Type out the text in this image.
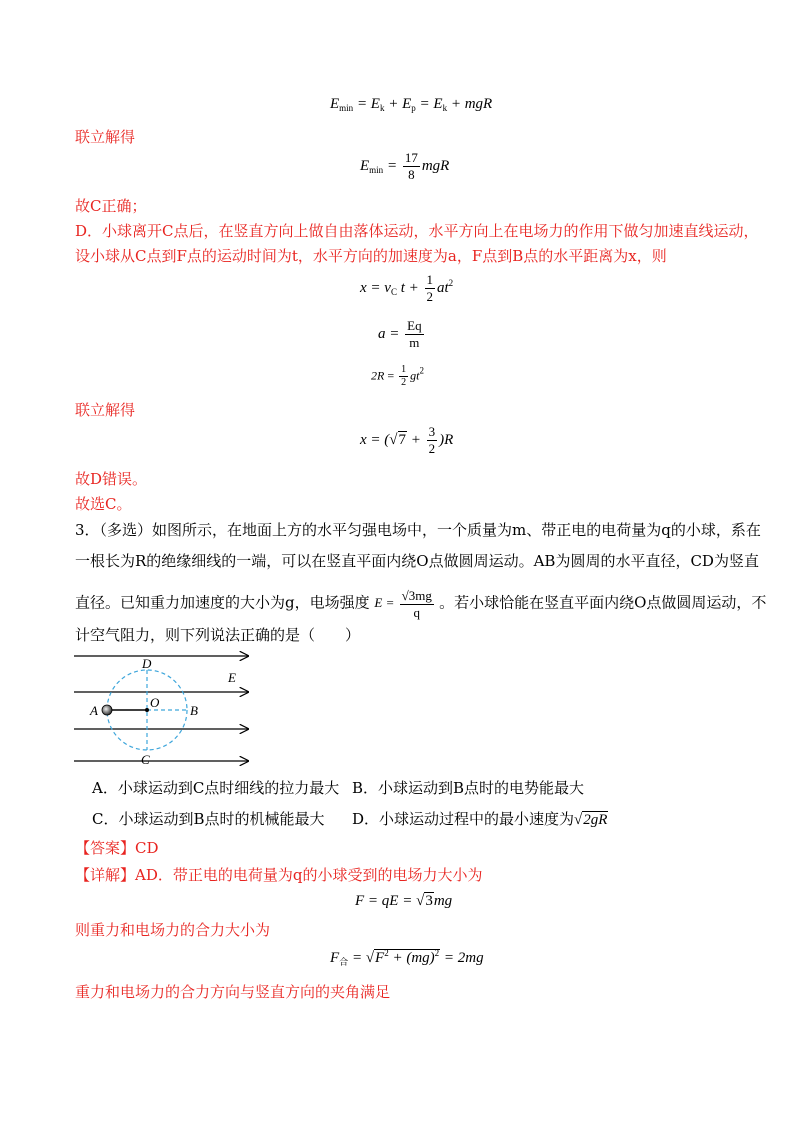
$E_{min} = E_k + E_p = E_k$ + mgR
联立解得
$E_{min} = \frac{17}{8}$ mgR
故C正确；
D．小球离开C点后，在竖直方向上做自由落体运动，水平方向上在电场力的作用下做匀加速直线运动，
设小球从C点到F点的运动时间为t，水平方向的加速度为a，F点到B点的水平距离为x，则
$x = v_C$ $t + \frac{1}{2} at^2$
$a = \frac{Eq}{m}$
$2R = \frac{1}{2} gt^2$
联立解得
$x = (√7 + \frac{3}{2} )R$
故D错误。
故选C。
3．（多选）如图所示，在地面上方的水平匀强电场中，一个质量为m、带正电的电荷量为q的小球，系在
一根长为R的绝缘细线的一端，可以在竖直平面内绕O点做圆周运动。AB为圆周的水平直径，CD为竖直
直径。已知重力加速度的大小为g，电场强度 $E = \frac{√3mg}{q}$ 。若小球恰能在竖直平面内绕O点做圆周运动，不
计空气阻力，则下列说法正确的是（　　）
D
E
A
O
B
C
A．小球运动到C点时细线的拉力最大 B．小球运动到B点时的电势能最大
C．小球运动到B点时的机械能最大 D．小球运动过程中的最小速度为√2gR
【答案】CD
【详解】AD．带正电的电荷量为q的小球受到的电场力大小为
F = qE = √3mg
则重力和电场力的合力大小为
$F_合 = √F^2 + (mg)^2 = 2mg$
重力和电场力的合力方向与竖直方向的夹角满足
